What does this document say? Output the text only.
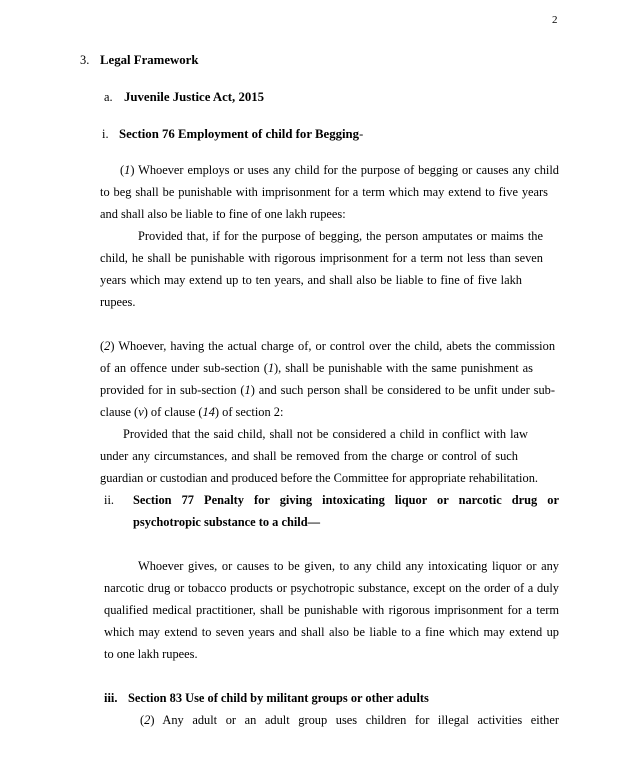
2
3. Legal Framework
a. Juvenile Justice Act, 2015
i. Section 76 Employment of child for Begging-
(1) Whoever employs or uses any child for the purpose of begging or causes any child
to beg shall be punishable with imprisonment for a term which may extend to five years
and shall also be liable to fine of one lakh rupees:
Provided that, if for the purpose of begging, the person amputates or maims the
child, he shall be punishable with rigorous imprisonment for a term not less than seven
years which may extend up to ten years, and shall also be liable to fine of five lakh
rupees.
(2) Whoever, having the actual charge of, or control over the child, abets the commission
of an offence under sub-section (1), shall be punishable with the same punishment as
provided for in sub-section (1) and such person shall be considered to be unfit under sub-
clause (v) of clause (14) of section 2:
Provided that the said child, shall not be considered a child in conflict with law
under any circumstances, and shall be removed from the charge or control of such
guardian or custodian and produced before the Committee for appropriate rehabilitation.
ii. Section 77 Penalty for giving intoxicating liquor or narcotic drug or
psychotropic substance to a child—
Whoever gives, or causes to be given, to any child any intoxicating liquor or any
narcotic drug or tobacco products or psychotropic substance, except on the order of a duly
qualified medical practitioner, shall be punishable with rigorous imprisonment for a term
which may extend to seven years and shall also be liable to a fine which may extend up
to one lakh rupees.
iii. Section 83 Use of child by militant groups or other adults
(2) Any adult or an adult group uses children for illegal activities either
